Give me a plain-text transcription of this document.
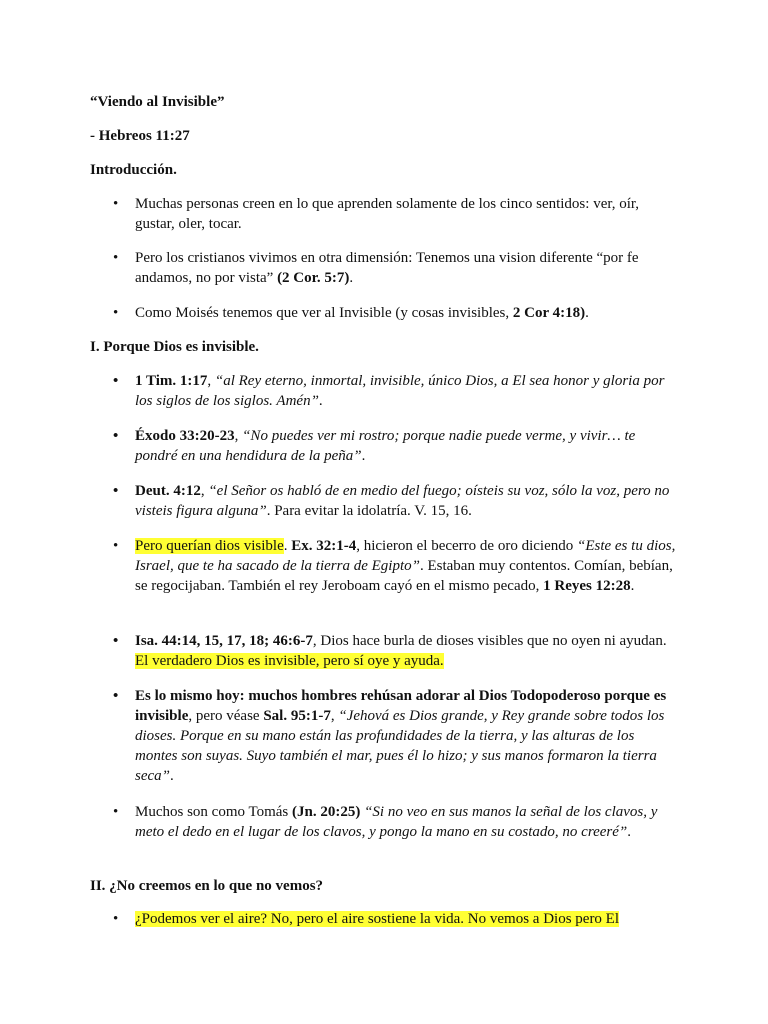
“Viendo al Invisible”

- Hebreos 11:27

Introducción.

• Muchas personas creen en lo que aprenden solamente de los cinco sentidos: ver, oír, gustar, oler, tocar.
• Pero los cristianos vivimos en otra dimensión: Tenemos una vision diferente “por fe andamos, no por vista” (2 Cor. 5:7).
• Como Moisés tenemos que ver al Invisible (y cosas invisibles, 2 Cor 4:18).

I. Porque Dios es invisible.

• 1 Tim. 1:17, “al Rey eterno, inmortal, invisible, único Dios, a El sea honor y gloria por los siglos de los siglos. Amén”.
• Éxodo 33:20-23, “No puedes ver mi rostro; porque nadie puede verme, y vivir… te pondré en una hendidura de la peña”.
• Deut. 4:12, “el Señor os habló de en medio del fuego; oísteis su voz, sólo la voz, pero no visteis figura alguna”. Para evitar la idolatría. V. 15, 16.
• Pero querían dios visible. Ex. 32:1-4, hicieron el becerro de oro diciendo “Este es tu dios, Israel, que te ha sacado de la tierra de Egipto”. Estaban muy contentos. Comían, bebían, se regocijaban. También el rey Jeroboam cayó en el mismo pecado, 1 Reyes 12:28.
• Isa. 44:14, 15, 17, 18; 46:6-7, Dios hace burla de dioses visibles que no oyen ni ayudan. El verdadero Dios es invisible, pero sí oye y ayuda.
• Es lo mismo hoy: muchos hombres rehúsan adorar al Dios Todopoderoso porque es invisible, pero véase Sal. 95:1-7, “Jehová es Dios grande, y Rey grande sobre todos los dioses. Porque en su mano están las profundidades de la tierra, y las alturas de los montes son suyas. Suyo también el mar, pues él lo hizo; y sus manos formaron la tierra seca”.
• Muchos son como Tomás (Jn. 20:25) “Si no veo en sus manos la señal de los clavos, y meto el dedo en el lugar de los clavos, y pongo la mano en su costado, no creeré”.

II. ¿No creemos en lo que no vemos?

• ¿Podemos ver el aire? No, pero el aire sostiene la vida. No vemos a Dios pero El
